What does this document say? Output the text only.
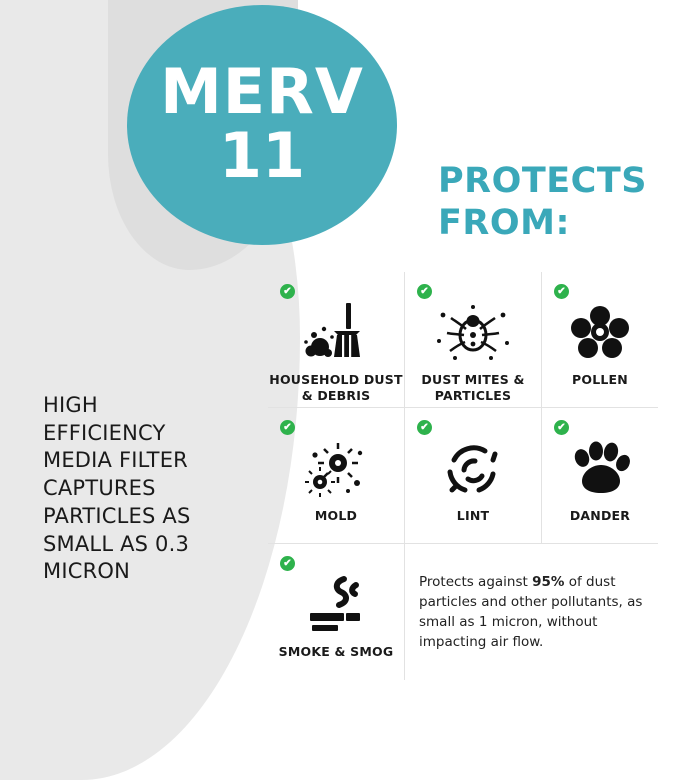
MERV
11
HIGH EFFICIENCY MEDIA FILTER CAPTURES PARTICLES AS SMALL AS 0.3 MICRON
PROTECTS FROM:
✔
HOUSEHOLD DUST & DEBRIS
✔
DUST MITES & PARTICLES
✔
POLLEN
✔
MOLD
✔
LINT
✔
DANDER
✔
SMOKE & SMOG
Protects against 95% of dust particles and other pollutants, as small as 1 micron, without impacting air flow.
